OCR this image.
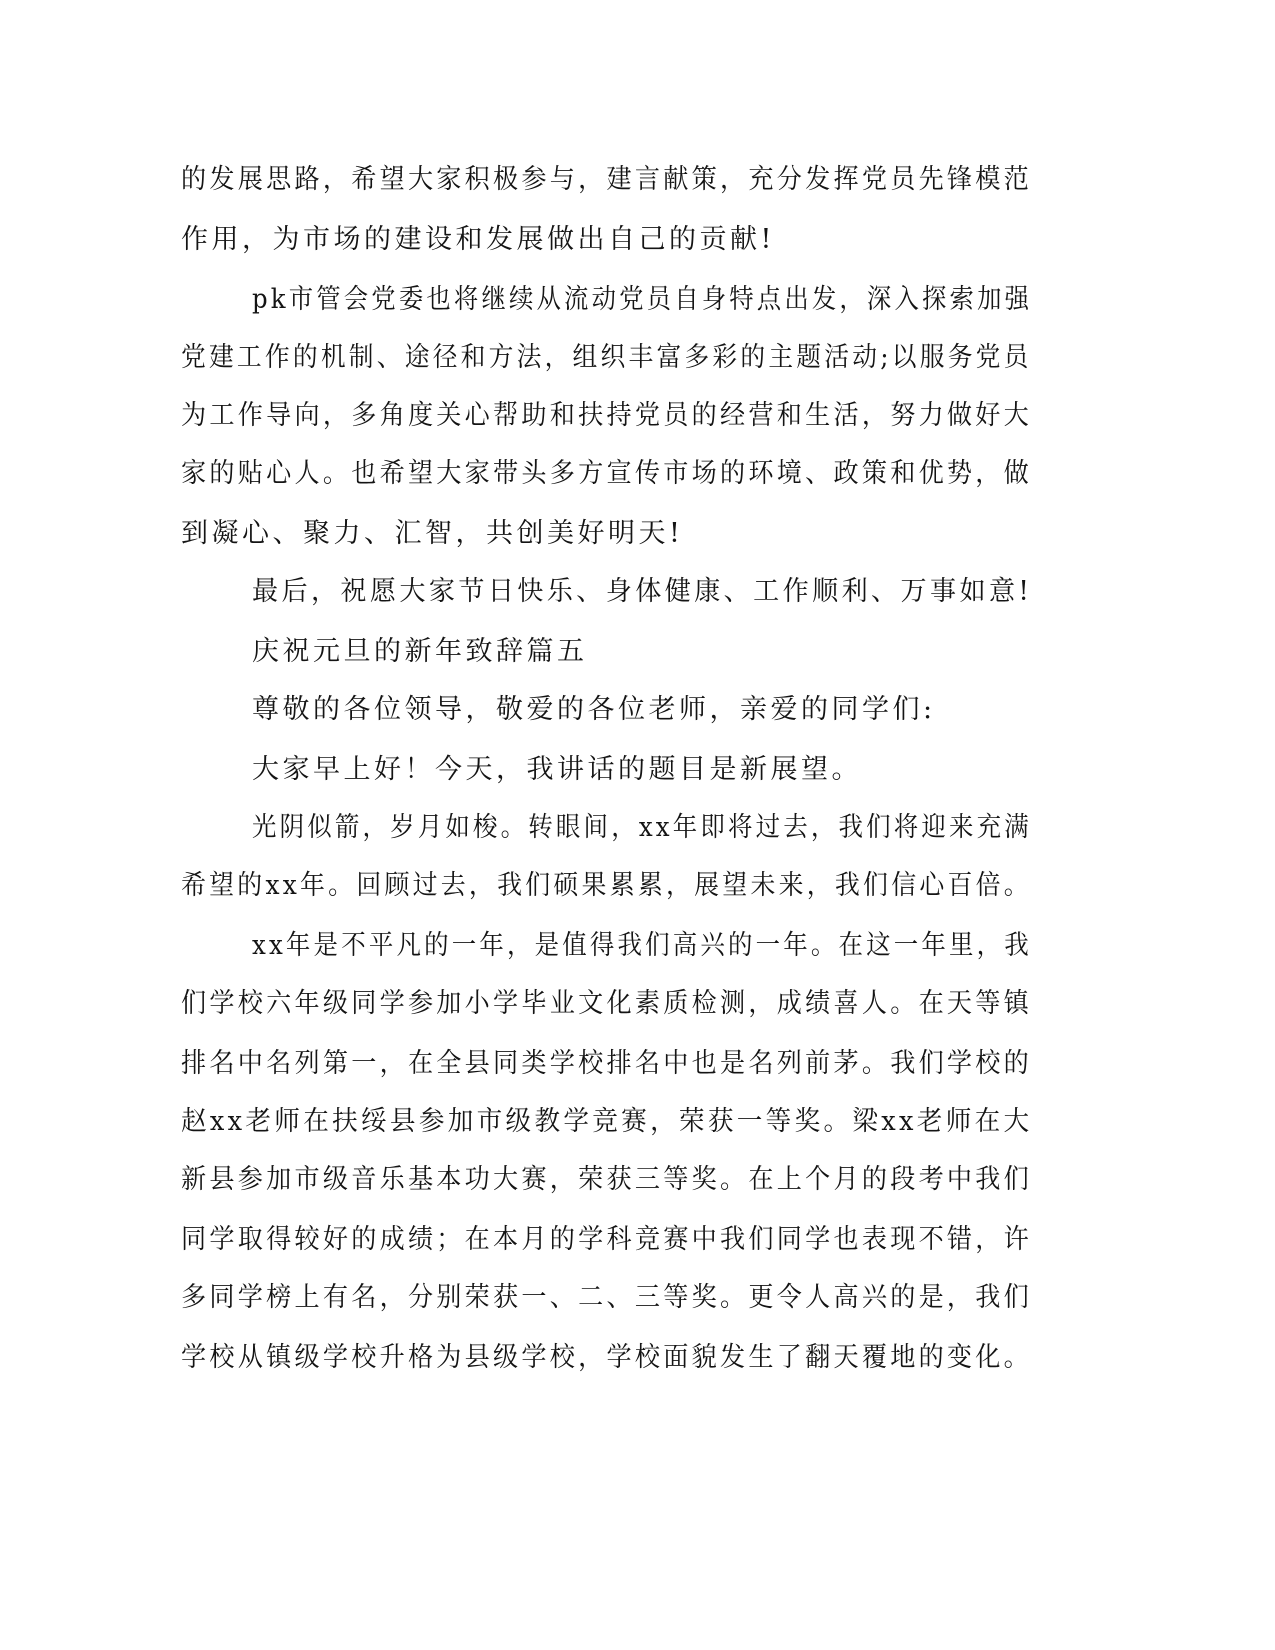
的发展思路，希望大家积极参与，建言献策，充分发挥党员先锋模范
作用，为市场的建设和发展做出自己的贡献!
pk市管会党委也将继续从流动党员自身特点出发，深入探索加强
党建工作的机制、途径和方法，组织丰富多彩的主题活动;以服务党员
为工作导向，多角度关心帮助和扶持党员的经营和生活，努力做好大
家的贴心人。也希望大家带头多方宣传市场的环境、政策和优势，做
到凝心、聚力、汇智，共创美好明天!
最后，祝愿大家节日快乐、身体健康、工作顺利、万事如意!
庆祝元旦的新年致辞篇五
尊敬的各位领导，敬爱的各位老师，亲爱的同学们:
大家早上好！今天，我讲话的题目是新展望。
光阴似箭，岁月如梭。转眼间，xx年即将过去，我们将迎来充满
希望的xx年。回顾过去，我们硕果累累，展望未来，我们信心百倍。
xx年是不平凡的一年，是值得我们高兴的一年。在这一年里，我
们学校六年级同学参加小学毕业文化素质检测，成绩喜人。在天等镇
排名中名列第一，在全县同类学校排名中也是名列前茅。我们学校的
赵xx老师在扶绥县参加市级教学竞赛，荣获一等奖。梁xx老师在大
新县参加市级音乐基本功大赛，荣获三等奖。在上个月的段考中我们
同学取得较好的成绩；在本月的学科竞赛中我们同学也表现不错，许
多同学榜上有名，分别荣获一、二、三等奖。更令人高兴的是，我们
学校从镇级学校升格为县级学校，学校面貌发生了翻天覆地的变化。
